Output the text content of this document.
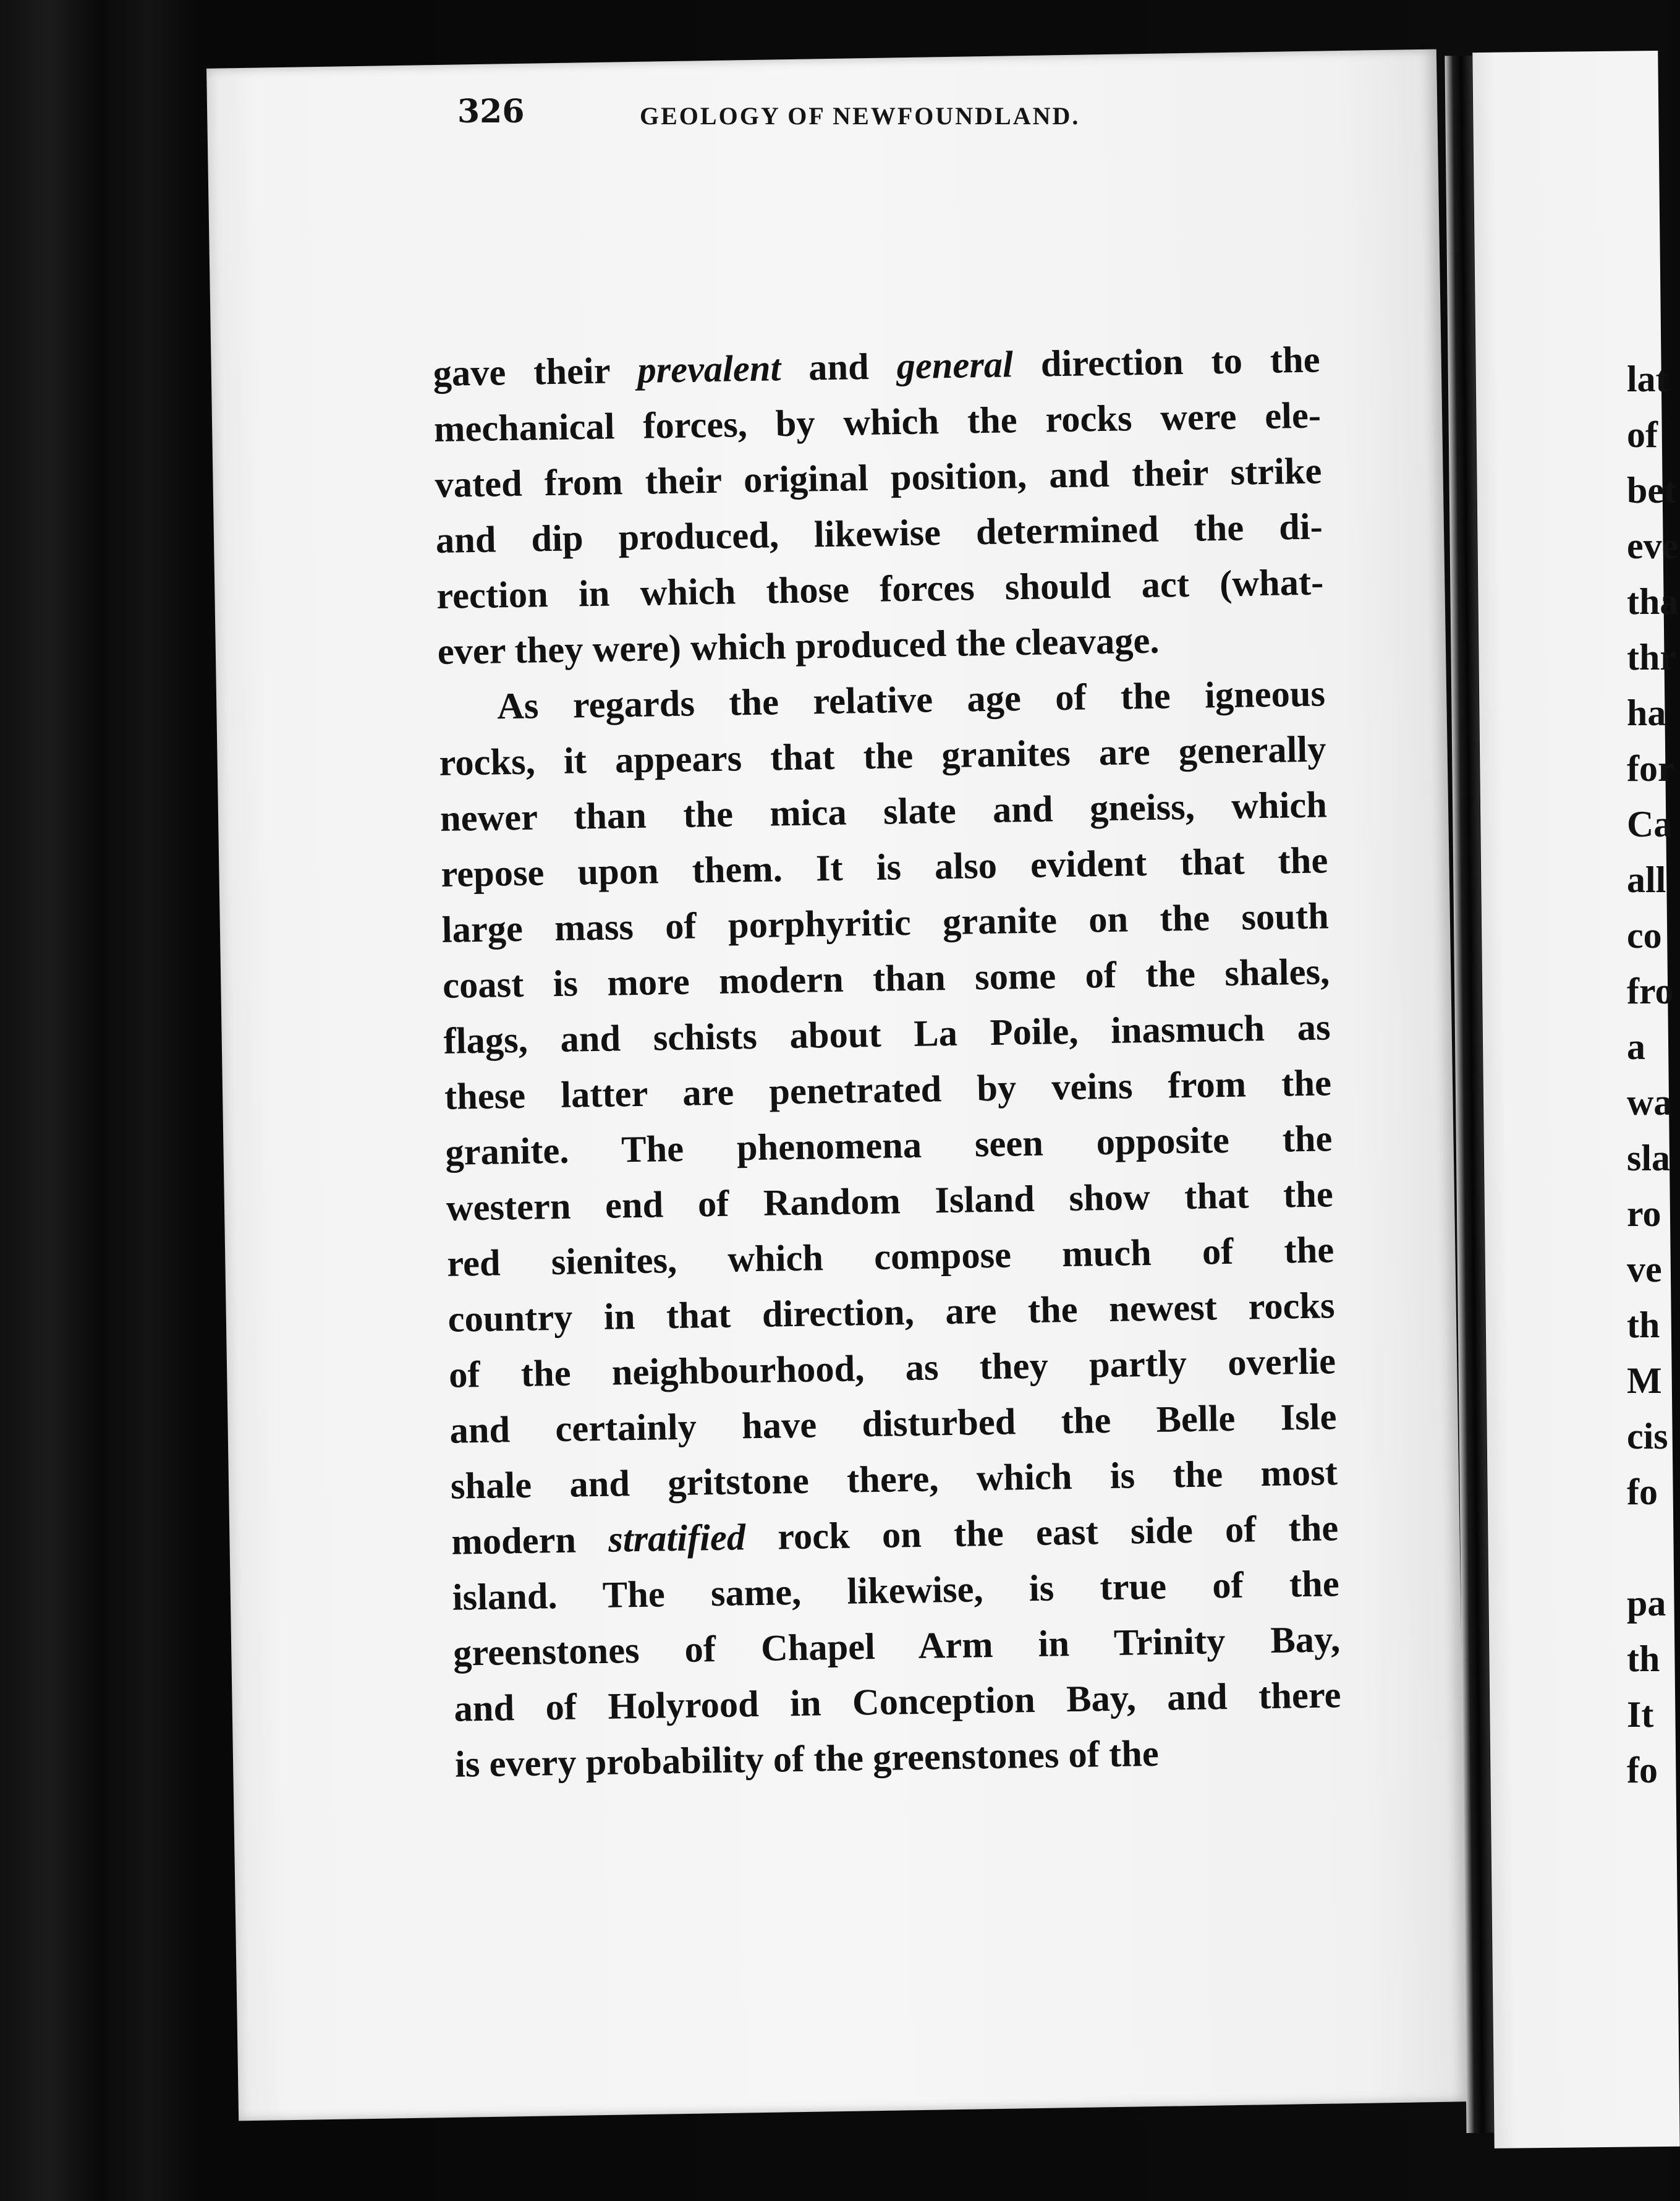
326	GEOLOGY OF NEWFOUNDLAND.
gave their prevalent and general direction to the
mechanical forces, by which the rocks were ele-
vated from their original position, and their strike
and dip produced, likewise determined the di-
rection in which those forces should act (what-
ever they were) which produced the cleavage.
As regards the relative age of the igneous
rocks, it appears that the granites are generally
newer than the mica slate and gneiss, which
repose upon them. It is also evident that the
large mass of porphyritic granite on the south
coast is more modern than some of the shales,
flags, and schists about La Poile, inasmuch as
these latter are penetrated by veins from the
granite. The phenomena seen opposite the
western end of Random Island show that the
red sienites, which compose much of the
country in that direction, are the newest rocks
of the neighbourhood, as they partly overlie
and certainly have disturbed the Belle Isle
shale and gritstone there, which is the most
modern stratified rock on the east side of the
island. The same, likewise, is true of the
greenstones of Chapel Arm in Trinity Bay,
and of Holyrood in Conception Bay, and there
is every probability of the greenstones of the
lat
of
bet
eve
tha
thr
ha
for
Ca
all
co
fro
a
wa
sla
ro
ve
th
M
cis
fo
pa
th
It
fo
